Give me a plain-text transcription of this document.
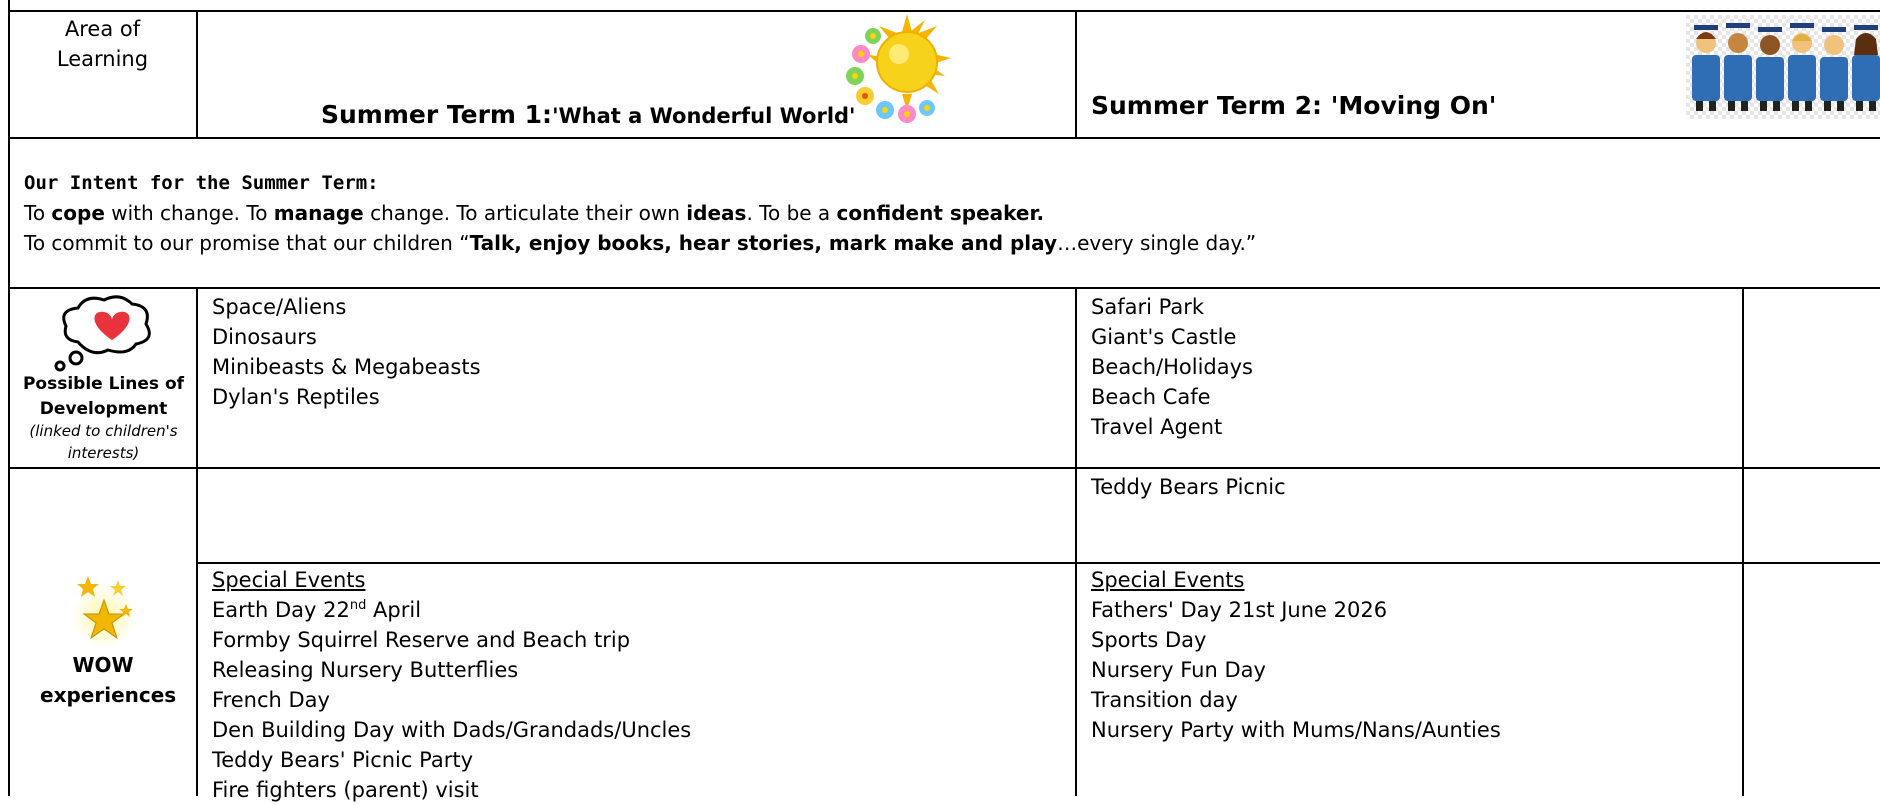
Area of Learning
Summer Term 1:'What a Wonderful World'	Summer Term 2: 'Moving On'
Our Intent for the Summer Term:
To cope with change. To manage change. To articulate their own ideas. To be a confident speaker.
To commit to our promise that our children “Talk, enjoy books, hear stories, mark make and play…every single day.”
Possible Lines of Development
(linked to children's interests)
Space/Aliens
Dinosaurs
Minibeasts & Megabeasts
Dylan's Reptiles
Safari Park
Giant's Castle
Beach/Holidays
Beach Cafe
Travel Agent
Teddy Bears Picnic
WOW experiences
Special Events
Earth Day 22nd April
Formby Squirrel Reserve and Beach trip
Releasing Nursery Butterflies
French Day
Den Building Day with Dads/Grandads/Uncles
Teddy Bears' Picnic Party
Fire fighters (parent) visit
Special Events
Fathers' Day 21st June 2026
Sports Day
Nursery Fun Day
Transition day
Nursery Party with Mums/Nans/Aunties
